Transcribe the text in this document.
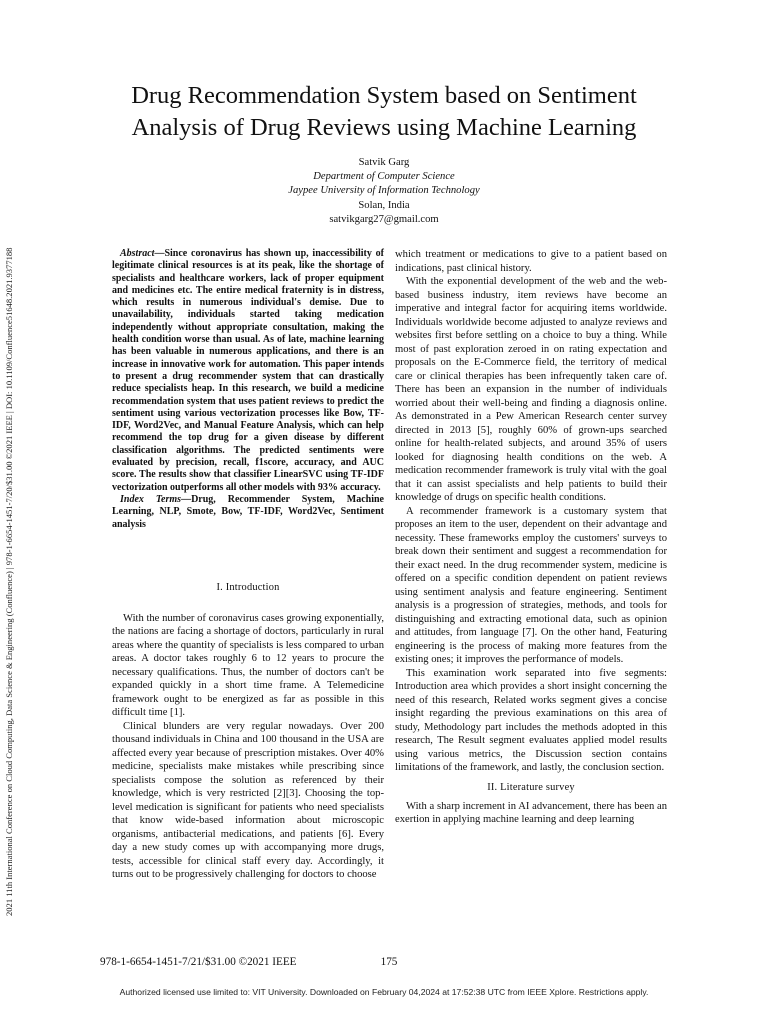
2021 11th International Conference on Cloud Computing, Data Science & Engineering (Confluence) | 978-1-6654-1451-7/20/$31.00 ©2021 IEEE | DOI: 10.1109/Confluence51648.2021.9377188
Drug Recommendation System based on Sentiment Analysis of Drug Reviews using Machine Learning
Satvik Garg
Department of Computer Science
Jaypee University of Information Technology
Solan, India
satvikgarg27@gmail.com

Abstract—Since coronavirus has shown up, inaccessibility of legitimate clinical resources is at its peak, like the shortage of specialists and healthcare workers, lack of proper equipment and medicines etc. The entire medical fraternity is in distress, which results in numerous individual's demise. Due to unavailability, individuals started taking medication independently without appropriate consultation, making the health condition worse than usual. As of late, machine learning has been valuable in numerous applications, and there is an increase in innovative work for automation. This paper intends to present a drug recommender system that can drastically reduce specialists heap. In this research, we build a medicine recommendation system that uses patient reviews to predict the sentiment using various vectorization processes like Bow, TF-IDF, Word2Vec, and Manual Feature Analysis, which can help recommend the top drug for a given disease by different classification algorithms. The predicted sentiments were evaluated by precision, recall, f1score, accuracy, and AUC score. The results show that classifier LinearSVC using TF-IDF vectorization outperforms all other models with 93% accuracy.

Index Terms—Drug, Recommender System, Machine Learning, NLP, Smote, Bow, TF-IDF, Word2Vec, Sentiment analysis

I. Introduction

With the number of coronavirus cases growing exponentially, the nations are facing a shortage of doctors, particularly in rural areas where the quantity of specialists is less compared to urban areas. A doctor takes roughly 6 to 12 years to procure the necessary qualifications. Thus, the number of doctors can't be expanded quickly in a short time frame. A Telemedicine framework ought to be energized as far as possible in this difficult time [1].

Clinical blunders are very regular nowadays. Over 200 thousand individuals in China and 100 thousand in the USA are affected every year because of prescription mistakes. Over 40% medicine, specialists make mistakes while prescribing since specialists compose the solution as referenced by their knowledge, which is very restricted [2][3]. Choosing the top-level medication is significant for patients who need specialists that know wide-based information about microscopic organisms, antibacterial medications, and patients [6]. Every day a new study comes up with accompanying more drugs, tests, accessible for clinical staff every day. Accordingly, it turns out to be progressively challenging for doctors to choose

which treatment or medications to give to a patient based on indications, past clinical history.

With the exponential development of the web and the web-based business industry, item reviews have become an imperative and integral factor for acquiring items worldwide. Individuals worldwide become adjusted to analyze reviews and websites first before settling on a choice to buy a thing. While most of past exploration zeroed in on rating expectation and proposals on the E-Commerce field, the territory of medical care or clinical therapies has been infrequently taken care of. There has been an expansion in the number of individuals worried about their well-being and finding a diagnosis online. As demonstrated in a Pew American Research center survey directed in 2013 [5], roughly 60% of grown-ups searched online for health-related subjects, and around 35% of users looked for diagnosing health conditions on the web. A medication recommender framework is truly vital with the goal that it can assist specialists and help patients to build their knowledge of drugs on specific health conditions.

A recommender framework is a customary system that proposes an item to the user, dependent on their advantage and necessity. These frameworks employ the customers' surveys to break down their sentiment and suggest a recommendation for their exact need. In the drug recommender system, medicine is offered on a specific condition dependent on patient reviews using sentiment analysis and feature engineering. Sentiment analysis is a progression of strategies, methods, and tools for distinguishing and extracting emotional data, such as opinion and attitudes, from language [7]. On the other hand, Featuring engineering is the process of making more features from the existing ones; it improves the performance of models.

This examination work separated into five segments: Introduction area which provides a short insight concerning the need of this research, Related works segment gives a concise insight regarding the previous examinations on this area of study, Methodology part includes the methods adopted in this research, The Result segment evaluates applied model results using various metrics, the Discussion section contains limitations of the framework, and lastly, the conclusion section.

II. Literature survey

With a sharp increment in AI advancement, there has been an exertion in applying machine learning and deep learning

978-1-6654-1451-7/21/$31.00 ©2021 IEEE	175
Authorized licensed use limited to: VIT University. Downloaded on February 04,2024 at 17:52:38 UTC from IEEE Xplore. Restrictions apply.
